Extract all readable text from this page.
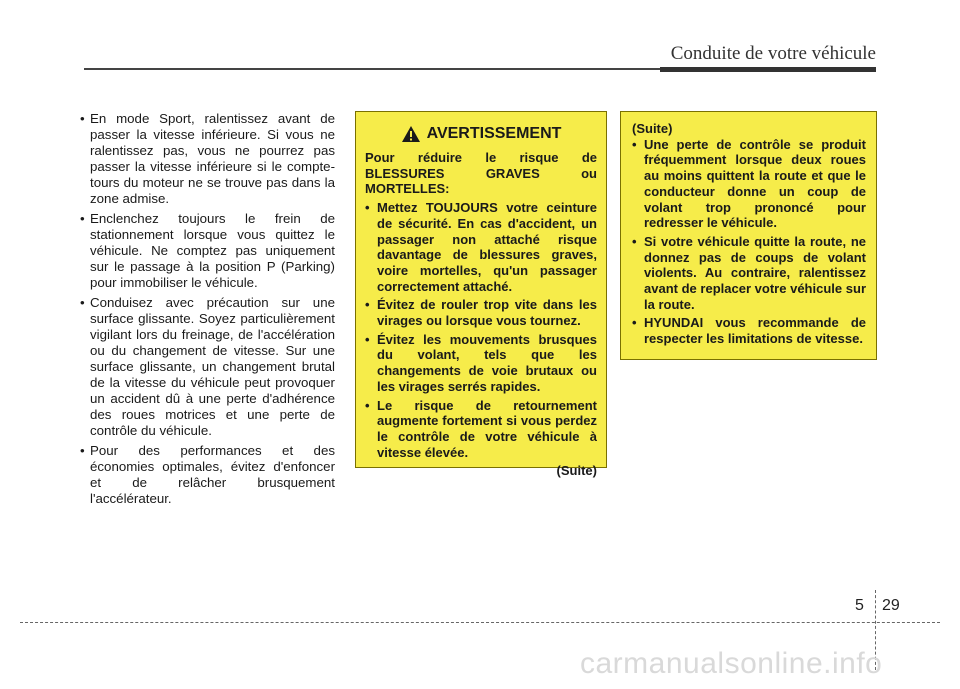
Conduite de votre véhicule
• En mode Sport, ralentissez avant de passer la vitesse inférieure. Si vous ne ralentissez pas, vous ne pourrez pas passer la vitesse inférieure si le compte-tours du moteur ne se trouve pas dans la zone admise.
• Enclenchez toujours le frein de stationnement lorsque vous quittez le véhicule. Ne comptez pas uniquement sur le passage à la position P (Parking) pour immobiliser le véhicule.
• Conduisez avec précaution sur une surface glissante. Soyez particulièrement vigilant lors du freinage, de l'accélération ou du changement de vitesse. Sur une surface glissante, un changement brutal de la vitesse du véhicule peut provoquer un accident dû à une perte d'adhérence des roues motrices et une perte de contrôle du véhicule.
• Pour des performances et des économies optimales, évitez d'enfoncer et de relâcher brusquement l'accélérateur.
AVERTISSEMENT

Pour réduire le risque de BLESSURES GRAVES ou MORTELLES:

• Mettez TOUJOURS votre ceinture de sécurité. En cas d'accident, un passager non attaché risque davantage de blessures graves, voire mortelles, qu'un passager correctement attaché.
• Évitez de rouler trop vite dans les virages ou lorsque vous tournez.
• Évitez les mouvements brusques du volant, tels que les changements de voie brutaux ou les virages serrés rapides.
• Le risque de retournement augmente fortement si vous perdez le contrôle de votre véhicule à vitesse élevée.
(Suite)
(Suite)
• Une perte de contrôle se produit fréquemment lorsque deux roues au moins quittent la route et que le conducteur donne un coup de volant trop prononcé pour redresser le véhicule.
• Si votre véhicule quitte la route, ne donnez pas de coups de volant violents. Au contraire, ralentissez avant de replacer votre véhicule sur la route.
• HYUNDAI vous recommande de respecter les limitations de vitesse.
5 29
carmanualsonline.info
